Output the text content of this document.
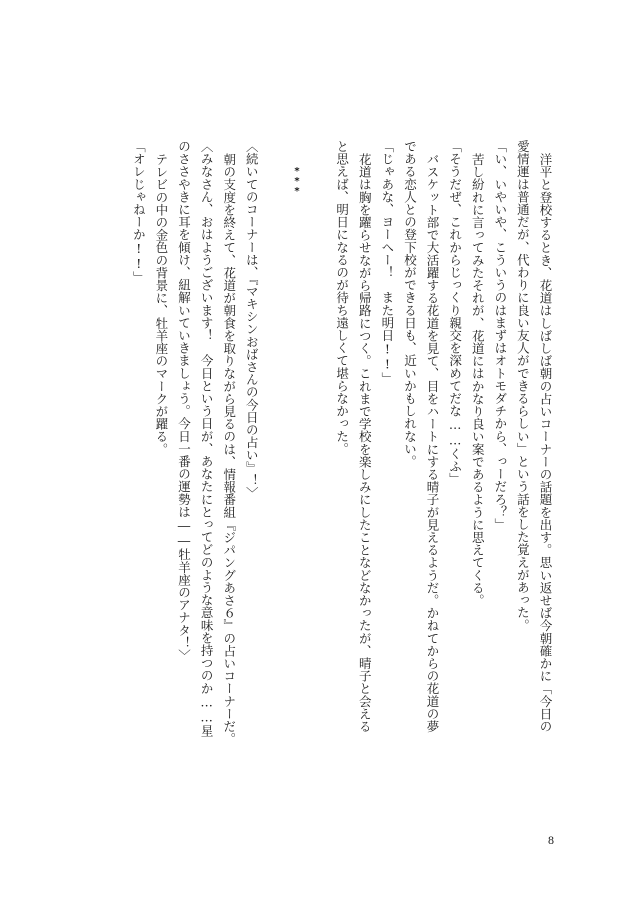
洋平と登校するとき、花道はしばしば朝の占いコーナーの話題を出す。思い返せば今朝確かに「今日の
愛情運は普通だが、代わりに良い友人ができるらしい」という話をした覚えがあった。
「い、いやいや、こういうのはまずはオトモダチから、っーだろ？」
苦し紛れに言ってみたそれが、花道にはかなり良い案であるように思えてくる。
「そうだぜ、これからじっくり親交を深めてだな……くふ」
バスケット部で大活躍する花道を見て、目をハートにする晴子が見えるようだ。かねてからの花道の夢
である恋人との登下校ができる日も、近いかもしれない。
「じゃあな、ヨーへー！　また明日!!」
花道は胸を躍らせながら帰路につく。これまで学校を楽しみにしたことなどなかったが、晴子と会える
と思えば、明日になるのが待ち遠しくて堪らなかった。

***

〈続いてのコーナーは、『マキシンおばさんの今日の占い』！〉
朝の支度を終えて、花道が朝食を取りながら見るのは、情報番組『ジパングあさ６』の占いコーナーだ。
〈みなさん、おはようございます！　今日という日が、あなたにとってどのような意味を持つのか……星
のささやきに耳を傾け、紐解いていきましょう。今日一番の運勢は――牡羊座のアナタ！〉
テレビの中の金色の背景に、牡羊座のマークが躍る。
「オレじゃねーか!!」
8
